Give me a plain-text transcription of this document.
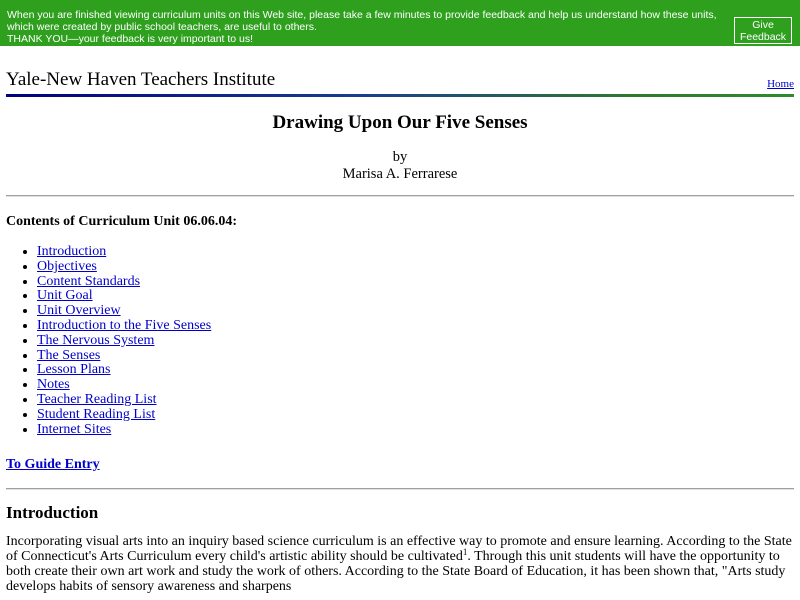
When you are finished viewing curriculum units on this Web site, please take a few minutes to provide feedback and help us understand how these units, which were created by public school teachers, are useful to others.
THANK YOU—your feedback is very important to us!
Give
Feedback
Yale-New Haven Teachers Institute	Home
Drawing Upon Our Five Senses
by
Marisa A. Ferrarese
Contents of Curriculum Unit 06.06.04:
• Introduction
• Objectives
• Content Standards
• Unit Goal
• Unit Overview
• Introduction to the Five Senses
• The Nervous System
• The Senses
• Lesson Plans
• Notes
• Teacher Reading List
• Student Reading List
• Internet Sites
To Guide Entry
Introduction

Incorporating visual arts into an inquiry based science curriculum is an effective way to promote and ensure learning. According to the State of Connecticut's Arts Curriculum every child's artistic ability should be cultivated$^1$. Through this unit students will have the opportunity to both create their own art work and study the work of others. According to the State Board of Education, it has been shown that, "Arts study develops habits of sensory awareness and sharpens
